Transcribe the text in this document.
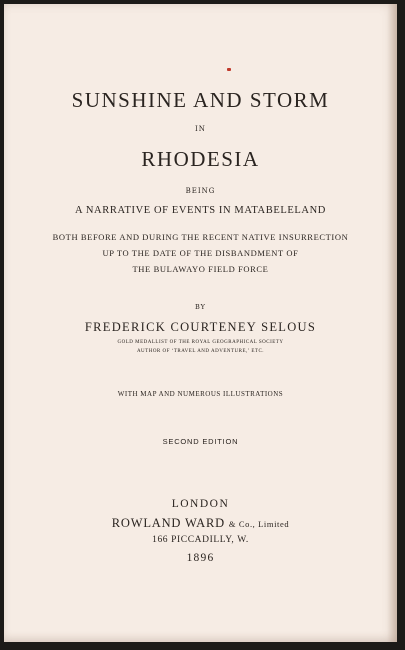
SUNSHINE AND STORM
IN
RHODESIA
BEING
A NARRATIVE OF EVENTS IN MATABELELAND
BOTH BEFORE AND DURING THE RECENT NATIVE INSURRECTION
UP TO THE DATE OF THE DISBANDMENT OF
THE BULAWAYO FIELD FORCE
BY
FREDERICK COURTENEY SELOUS
GOLD MEDALLIST OF THE ROYAL GEOGRAPHICAL SOCIETY
AUTHOR OF ‘TRAVEL AND ADVENTURE,’ ETC.
WITH MAP AND NUMEROUS ILLUSTRATIONS
SECOND EDITION
LONDON
ROWLAND WARD & Co., Limited
166 PICCADILLY, W.
1896
